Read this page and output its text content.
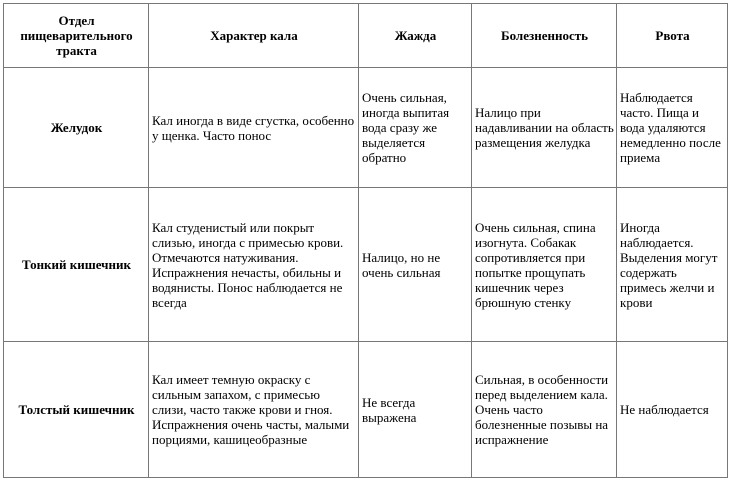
Отдел пищеварительного тракта	Характер кала	Жажда	Болезненность	Рвота
Желудок	Кал иногда в виде сгустка, особенно у щенка. Часто понос	Очень сильная, иногда выпитая вода сразу же выделяется обратно	Налицо при надавливании на область размещения желудка	Наблюдается часто. Пища и вода удаляются немедленно после приема
Тонкий кишечник	Кал студенистый или покрыт слизью, иногда с примесью крови. Отмечаются натуживания. Испражнения нечасты, обильны и водянисты. Понос наблюдается не всегда	Налицо, но не очень сильная	Очень сильная, спина изогнута. Собакак сопротивляется при попытке прощупать кишечник через брюшную стенку	Иногда наблюдается. Выделения могут содержать примесь желчи и крови
Толстый кишечник	Кал имеет темную окраску с сильным запахом, с примесью слизи, часто также крови и гноя. Испражнения очень часты, малыми порциями, кашицеобразные	Не всегда выражена	Сильная, в особенности перед выделением кала. Очень часто болезненные позывы на испражнение	Не наблюдается
